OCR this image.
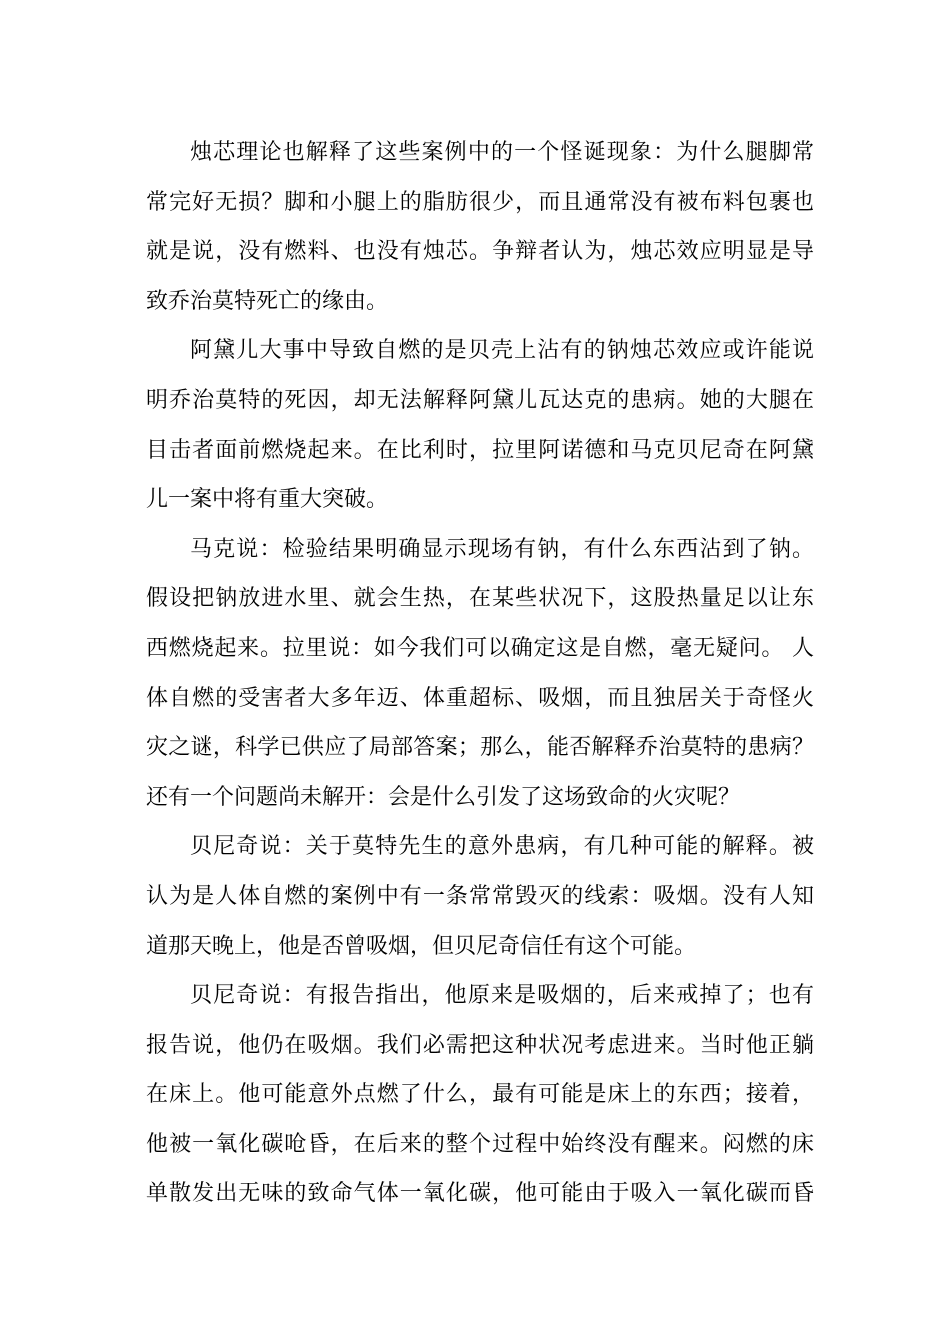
烛芯理论也解释了这些案例中的一个怪诞现象：为什么腿脚常
常完好无损？脚和小腿上的脂肪很少，而且通常没有被布料包裹也
就是说，没有燃料、也没有烛芯。争辩者认为，烛芯效应明显是导
致乔治莫特死亡的缘由。
阿黛儿大事中导致自燃的是贝壳上沾有的钠烛芯效应或许能说
明乔治莫特的死因，却无法解释阿黛儿瓦达克的患病。她的大腿在
目击者面前燃烧起来。在比利时，拉里阿诺德和马克贝尼奇在阿黛
儿一案中将有重大突破。
马克说：检验结果明确显示现场有钠，有什么东西沾到了钠。
假设把钠放进水里、就会生热，在某些状况下，这股热量足以让东
西燃烧起来。拉里说：如今我们可以确定这是自燃，毫无疑问。 人
体自燃的受害者大多年迈、体重超标、吸烟，而且独居关于奇怪火
灾之谜，科学已供应了局部答案；那么，能否解释乔治莫特的患病？
还有一个问题尚未解开：会是什么引发了这场致命的火灾呢？
贝尼奇说：关于莫特先生的意外患病，有几种可能的解释。被
认为是人体自燃的案例中有一条常常毁灭的线索：吸烟。没有人知
道那天晚上，他是否曾吸烟，但贝尼奇信任有这个可能。
贝尼奇说：有报告指出，他原来是吸烟的，后来戒掉了；也有
报告说，他仍在吸烟。我们必需把这种状况考虑进来。当时他正躺
在床上。他可能意外点燃了什么，最有可能是床上的东西；接着，
他被一氧化碳呛昏，在后来的整个过程中始终没有醒来。闷燃的床
单散发出无味的致命气体一氧化碳，他可能由于吸入一氧化碳而昏
